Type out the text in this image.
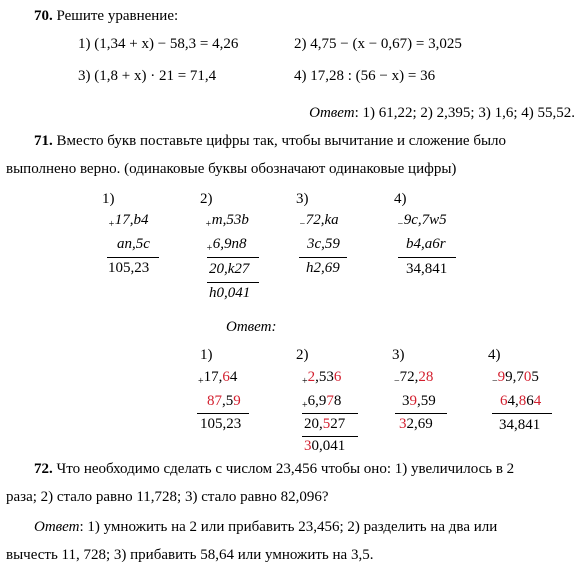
70. Решите уравнение:
1) (1,34 + x) − 58,3 = 4,26	2) 4,75 − (x − 0,67) = 3,025
3) (1,8 + x) · 21 = 71,4	4) 17,28 : (56 − x) = 36
Ответ: 1) 61,22; 2) 2,395; 3) 1,6; 4) 55,52.
71. Вместо букв поставьте цифры так, чтобы вычитание и сложение было
выполнено верно. (одинаковые буквы обозначают одинаковые цифры)
1)
$_+$17,b4
an,5c
105,23
2)
$_+$m,53b
$_+$6,9n8
20,k27
h0,041
3)
$_-$72,ka
3c,59
h2,69
4)
$_-$9c,7w5
b4,a6r
34,841
Ответ:
1)
$_+$17,64
87,59
105,23
2)
$_+$2,536
$_+$6,978
20,527
30,041
3)
$_-$72,28
39,59
32,69
4)
$_-$99,705
64,864
34,841
72. Что необходимо сделать с числом 23,456 чтобы оно: 1) увеличилось в 2
раза; 2) стало равно 11,728; 3) стало равно 82,096?
Ответ: 1) умножить на 2 или прибавить 23,456; 2) разделить на два или
вычесть 11, 728; 3) прибавить 58,64 или умножить на 3,5.
